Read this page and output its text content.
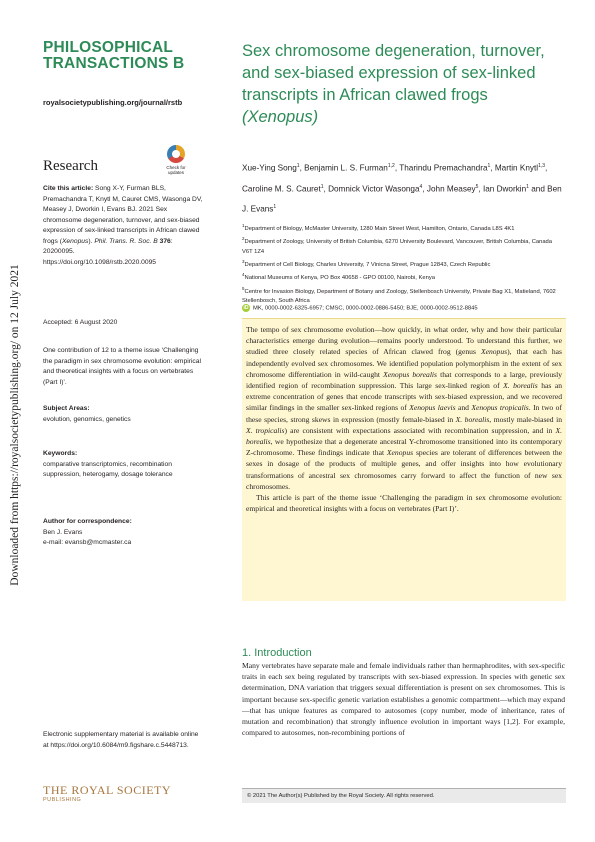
Downloaded from https://royalsocietypublishing.org/ on 12 July 2021
PHILOSOPHICAL
TRANSACTIONS B
royalsocietypublishing.org/journal/rstb
Research	Check for
updates
Cite this article: Song X-Y, Furman BLS, Premachandra T, Knytl M, Cauret CMS, Wasonga DV, Measey J, Dworkin I, Evans BJ. 2021 Sex chromosome degeneration, turnover, and sex-biased expression of sex-linked transcripts in African clawed frogs (Xenopus). Phil. Trans. R. Soc. B 376: 20200095.
https://doi.org/10.1098/rstb.2020.0095
Accepted: 6 August 2020
One contribution of 12 to a theme issue ‘Challenging the paradigm in sex chromosome evolution: empirical and theoretical insights with a focus on vertebrates (Part I)’.
Subject Areas:
evolution, genomics, genetics
Keywords:
comparative transcriptomics, recombination suppression, heterogamy, dosage tolerance
Author for correspondence:
Ben J. Evans
e-mail: evansb@mcmaster.ca
Electronic supplementary material is available online at https://doi.org/10.6084/m9.figshare.c.5448713.
THE ROYAL SOCIETY
PUBLISHING
Sex chromosome degeneration, turnover, and sex-biased expression of sex-linked transcripts in African clawed frogs (Xenopus)
Xue-Ying Song$^1$, Benjamin L. S. Furman$^{1,2}$, Tharindu Premachandra$^1$, Martin Knytl$^{1,3}$, Caroline M. S. Cauret$^1$, Domnick Victor Wasonga$^4$, John Measey$^5$, Ian Dworkin$^1$ and Ben J. Evans$^1$
$^1$Department of Biology, McMaster University, 1280 Main Street West, Hamilton, Ontario, Canada L8S 4K1
$^2$Department of Zoology, University of British Columbia, 6270 University Boulevard, Vancouver, British Columbia, Canada V6T 1Z4
$^3$Department of Cell Biology, Charles University, 7 Vinicna Street, Prague 12843, Czech Republic
$^4$National Museums of Kenya, PO Box 40658 - GPO 00100, Nairobi, Kenya
$^5$Centre for Invasion Biology, Department of Botany and Zoology, Stellenbosch University, Private Bag X1, Matieland, 7602 Stellenbosch, South Africa
iD MK, 0000-0002-6325-6957; CMSC, 0000-0002-0886-5450; BJE, 0000-0002-9512-8845

The tempo of sex chromosome evolution—how quickly, in what order, why and how their particular characteristics emerge during evolution—remains poorly understood. To understand this further, we studied three closely related species of African clawed frog (genus Xenopus), that each has independently evolved sex chromosomes. We identified population polymorphism in the extent of sex chromosome differentiation in wild-caught Xenopus borealis that corresponds to a large, previously identified region of recombination suppression. This large sex-linked region of X. borealis has an extreme concentration of genes that encode transcripts with sex-biased expression, and we recovered similar findings in the smaller sex-linked regions of Xenopus laevis and Xenopus tropicalis. In two of these species, strong skews in expression (mostly female-biased in X. borealis, mostly male-biased in X. tropicalis) are consistent with expectations associated with recombination suppression, and in X. borealis, we hypothesize that a degenerate ancestral Y-chromosome transitioned into its contemporary Z-chromosome. These findings indicate that Xenopus species are tolerant of differences between the sexes in dosage of the products of multiple genes, and offer insights into how evolutionary transformations of ancestral sex chromosomes carry forward to affect the function of new sex chromosomes.

This article is part of the theme issue ‘Challenging the paradigm in sex chromosome evolution: empirical and theoretical insights with a focus on vertebrates (Part I)’.

1. Introduction
Many vertebrates have separate male and female individuals rather than hermaphrodites, with sex-specific traits in each sex being regulated by transcripts with sex-biased expression. In species with genetic sex determination, DNA variation that triggers sexual differentiation is present on sex chromosomes. This is important because sex-specific genetic variation establishes a genomic compartment—which may expand—that has unique features as compared to autosomes (copy number, mode of inheritance, rates of mutation and recombination) that strongly influence evolution in important ways [1,2]. For example, compared to autosomes, non-recombining portions of
© 2021 The Author(s) Published by the Royal Society. All rights reserved.
